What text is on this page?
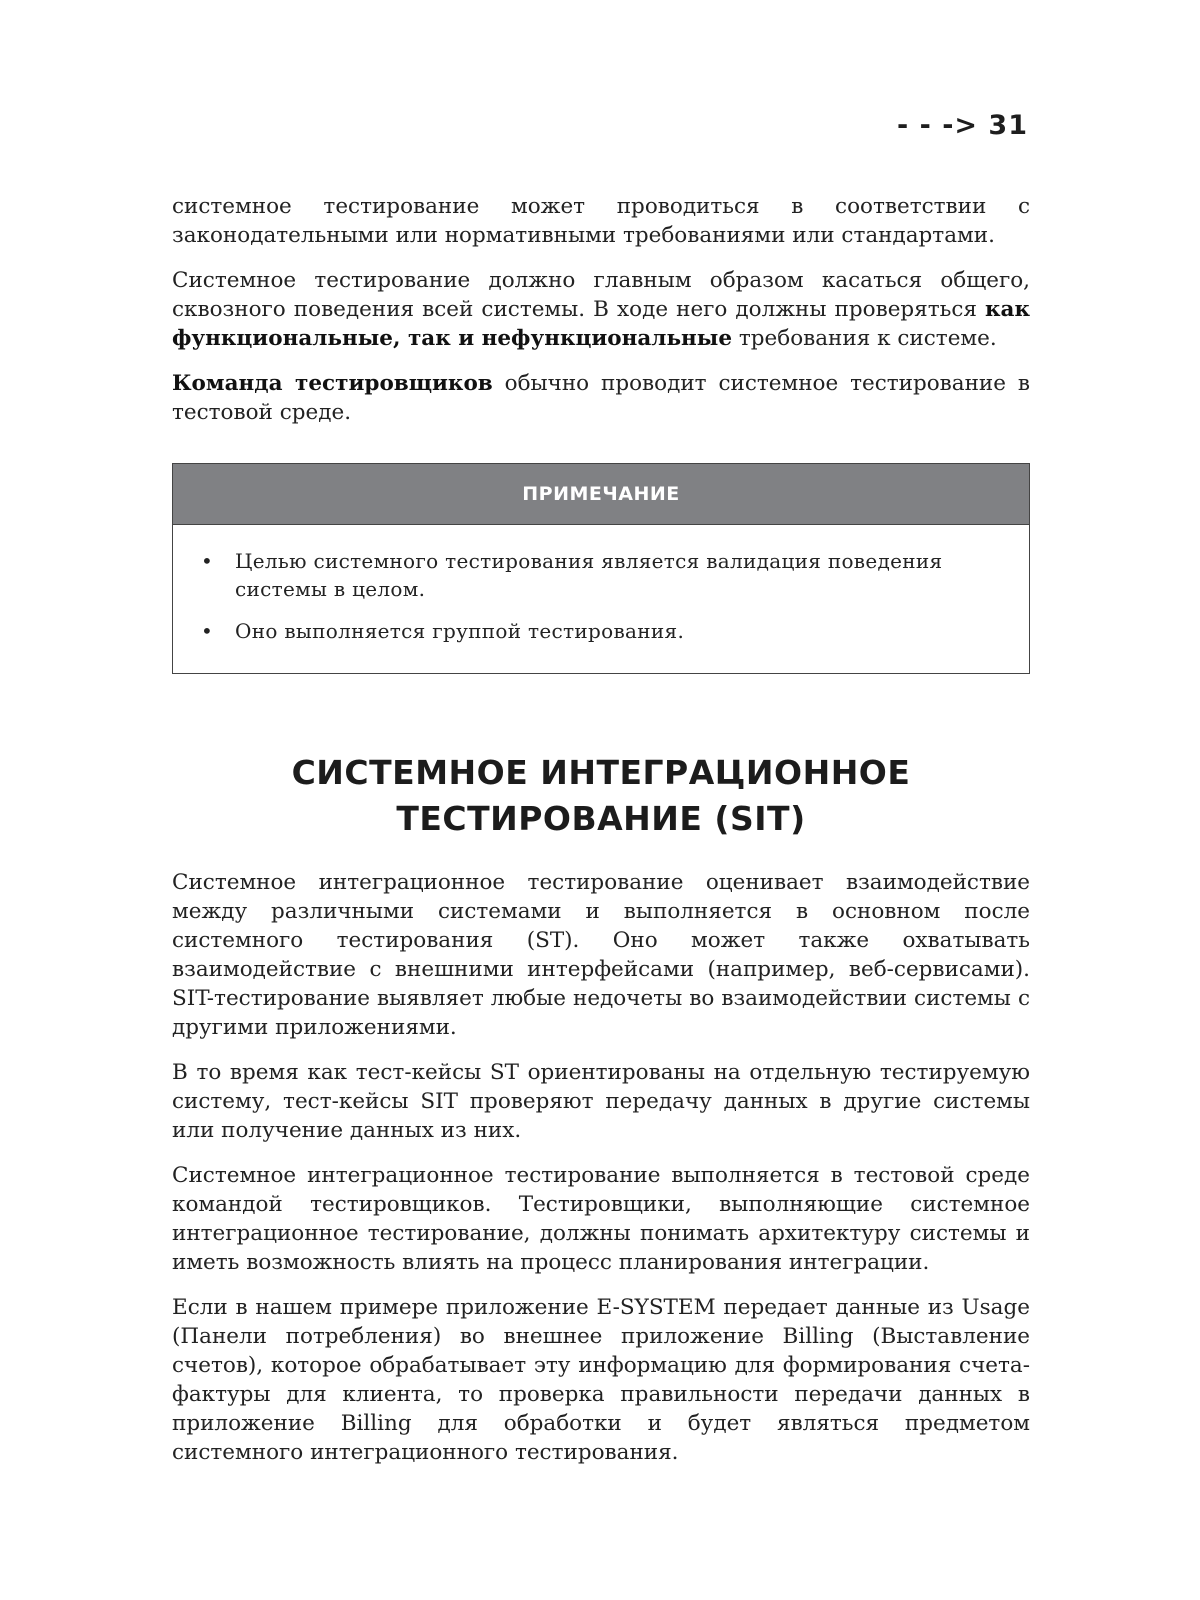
- - -> 31

системное тестирование может проводиться в соответствии с законодательными или нормативными требованиями или стандартами.

Системное тестирование должно главным образом касаться общего, сквозного поведения всей системы. В ходе него должны проверяться как функциональные, так и нефункциональные требования к системе.

Команда тестировщиков обычно проводит системное тестирование в тестовой среде.

ПРИМЕЧАНИЕ
• Целью системного тестирования является валидация поведения системы в целом.
• Оно выполняется группой тестирования.
СИСТЕМНОЕ ИНТЕГРАЦИОННОЕ ТЕСТИРОВАНИЕ (SIT)

Системное интеграционное тестирование оценивает взаимодействие между различными системами и выполняется в основном после системного тестирования (ST). Оно может также охватывать взаимодействие с внешними интерфейсами (например, веб-сервисами). SIT-тестирование выявляет любые недочеты во взаимодействии системы с другими приложениями.

В то время как тест-кейсы ST ориентированы на отдельную тестируемую систему, тест-кейсы SIT проверяют передачу данных в другие системы или получение данных из них.

Системное интеграционное тестирование выполняется в тестовой среде командой тестировщиков. Тестировщики, выполняющие системное интеграционное тестирование, должны понимать архитектуру системы и иметь возможность влиять на процесс планирования интеграции.

Если в нашем примере приложение E-SYSTEM передает данные из Usage (Панели потребления) во внешнее приложение Billing (Выставление счетов), которое обрабатывает эту информацию для формирования счета-фактуры для клиента, то проверка правильности передачи данных в приложение Billing для обработки и будет являться предметом системного интеграционного тестирования.
